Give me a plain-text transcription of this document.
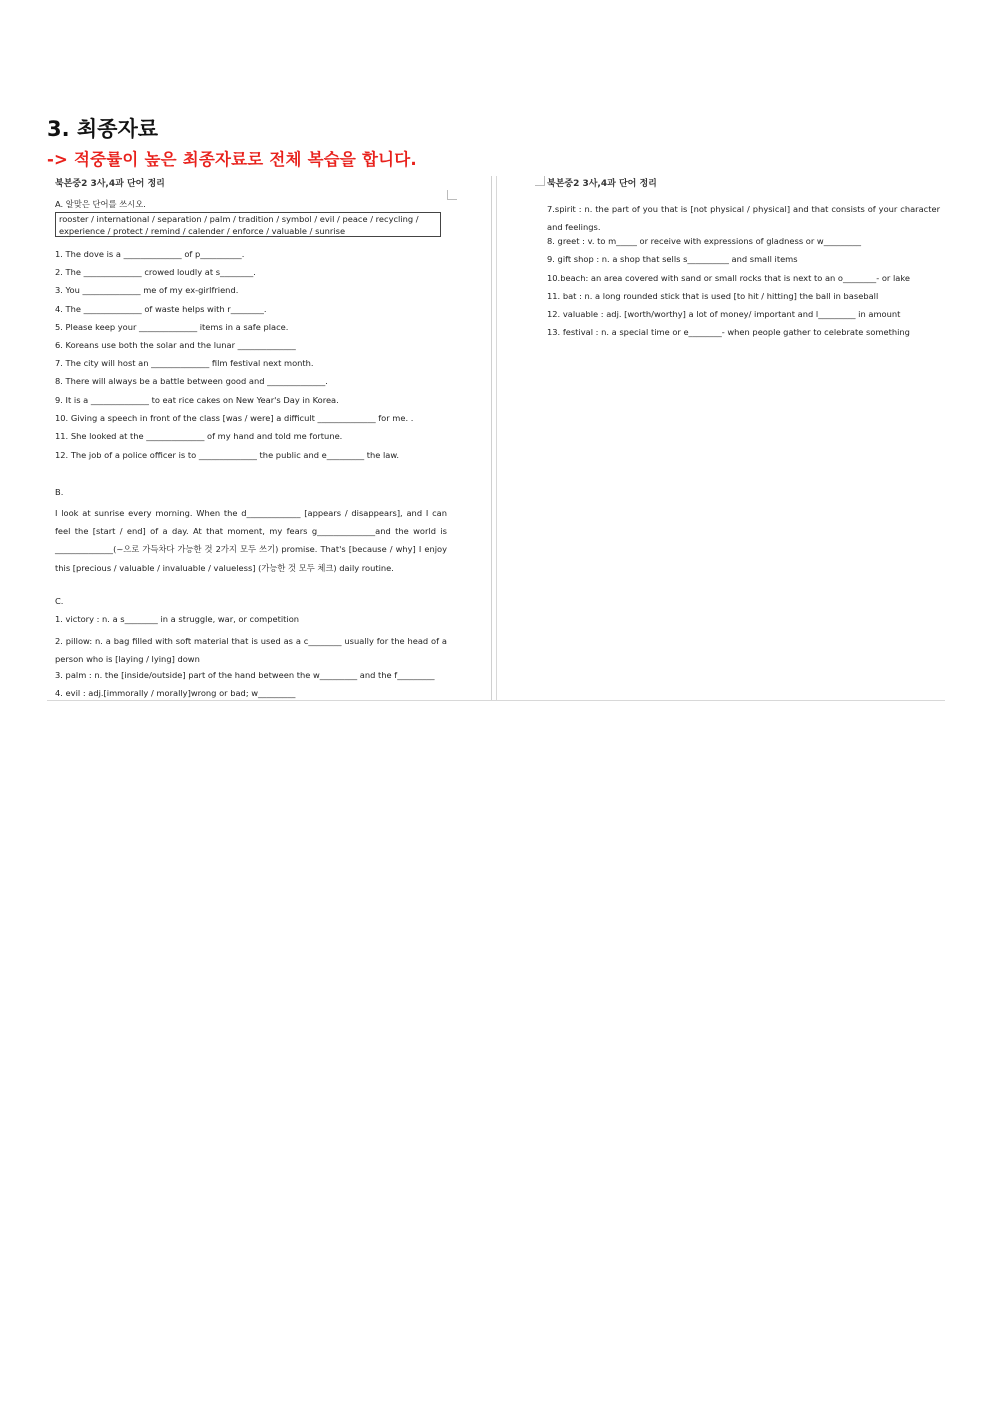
3. 최종자료

-> 적중률이 높은 최종자료로 전체 복습을 합니다.

북본중2 3사,4과 단어 정리

A. 알맞은 단어를 쓰시오.

rooster / international / separation / palm / tradition / symbol / evil / peace / recycling /
experience / protect / remind / calender / enforce / valuable / sunrise

1. The dove is a ______________ of p__________.

2. The ______________ crowed loudly at s________.

3. You ______________ me of my ex-girlfriend.

4. The ______________ of waste helps with r________.

5. Please keep your ______________ items in a safe place.

6. Koreans use both the solar and the lunar ______________

7. The city will host an ______________ film festival next month.

8. There will always be a battle between good and ______________.

9. It is a ______________ to eat rice cakes on New Year's Day in Korea.

10. Giving a speech in front of the class [was / were] a difficult ______________ for me. .

11. She looked at the ______________ of my hand and told me fortune.

12. The job of a police officer is to ______________ the public and e_________ the law.

B.

I look at sunrise every morning. When the d_____________ [appears / disappears], and I can feel the [start / end] of a day. At that moment, my fears g______________and the world is ______________(~으로 가득차다 가능한 것 2가지 모두 쓰기) promise. That's [because / why] I enjoy this [precious / valuable / invaluable / valueless] (가능한 것 모두 체크) daily routine.

C.

1. victory : n. a s________ in a struggle, war, or competition

2. pillow: n. a bag filled with soft material that is used as a c________ usually for the head of a person who is [laying / lying] down

3. palm : n. the [inside/outside] part of the hand between the w_________ and the f_________

4. evil : adj.[immorally / morally]wrong or bad; w_________

북본중2 3사,4과 단어 정리

7.spirit : n. the part of you that is [not physical / physical] and that consists of your character and feelings.

8. greet : v. to m_____ or receive with expressions of gladness or w_________

9. gift shop : n. a shop that sells s__________ and small items

10.beach: an area covered with sand or small rocks that is next to an o________- or lake

11. bat : n. a long rounded stick that is used [to hit / hitting] the ball in baseball

12. valuable : adj. [worth/worthy] a lot of money/ important and l_________ in amount

13. festival : n. a special time or e________- when people gather to celebrate something
